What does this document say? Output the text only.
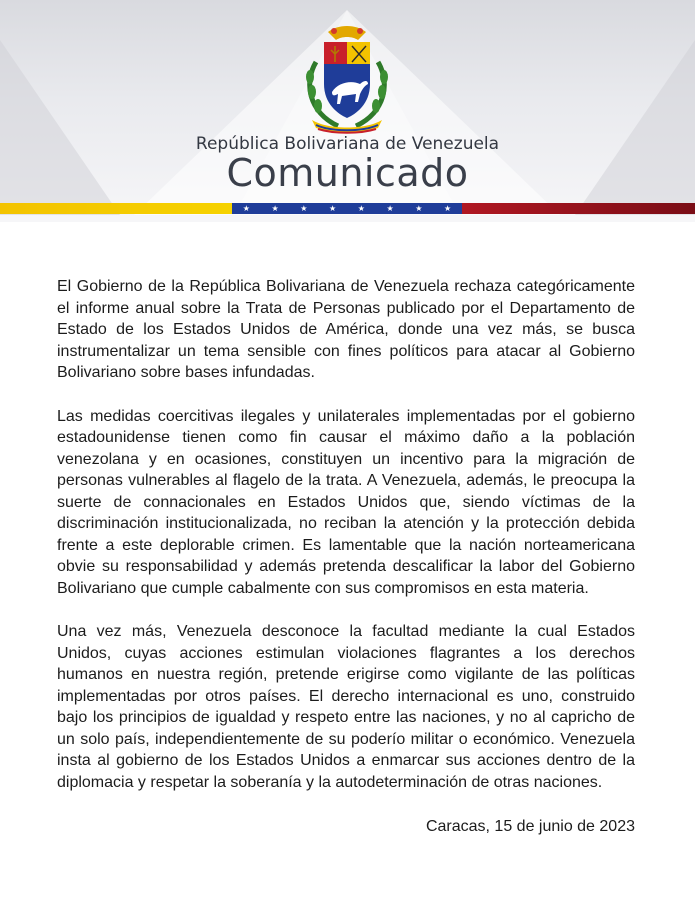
República Bolivariana de Venezuela
Comunicado
★	★	★	★	★	★	★	★

El Gobierno de la República Bolivariana de Venezuela rechaza categóricamente el informe anual sobre la Trata de Personas publicado por el Departamento de Estado de los Estados Unidos de América, donde una vez más, se busca instrumentalizar un tema sensible con fines políticos para atacar al Gobierno Bolivariano sobre bases infundadas.

Las medidas coercitivas ilegales y unilaterales implementadas por el gobierno estadounidense tienen como fin causar el máximo daño a la población venezolana y en ocasiones, constituyen un incentivo para la migración de personas vulnerables al flagelo de la trata. A Venezuela, además, le preocupa la suerte de connacionales en Estados Unidos que, siendo víctimas de la discriminación institucionalizada, no reciban la atención y la protección debida frente a este deplorable crimen. Es lamentable que la nación norteamericana obvie su responsabilidad y además pretenda descalificar la labor del Gobierno Bolivariano que cumple cabalmente con sus compromisos en esta materia.

Una vez más, Venezuela desconoce la facultad mediante la cual Estados Unidos, cuyas acciones estimulan violaciones flagrantes a los derechos humanos en nuestra región, pretende erigirse como vigilante de las políticas implementadas por otros países. El derecho internacional es uno, construido bajo los principios de igualdad y respeto entre las naciones, y no al capricho de un solo país, independientemente de su poderío militar o económico. Venezuela insta al gobierno de los Estados Unidos a enmarcar sus acciones dentro de la diplomacia y respetar la soberanía y la autodeterminación de otras naciones.

Caracas, 15 de junio de 2023
